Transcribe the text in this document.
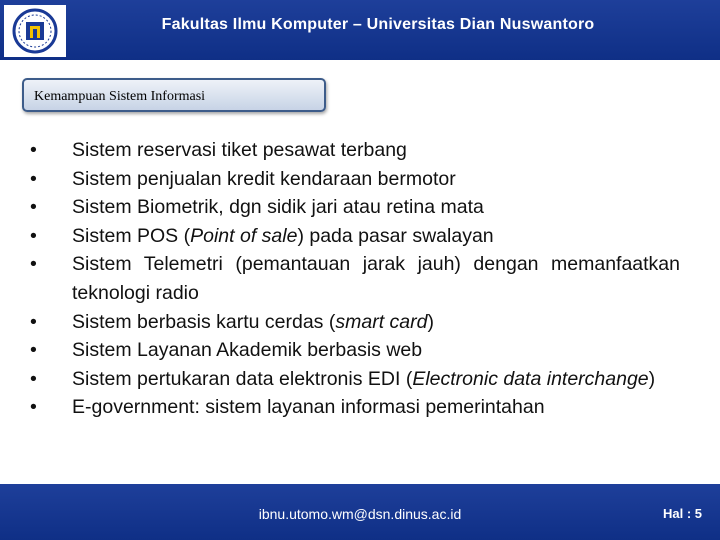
Fakultas Ilmu Komputer – Universitas Dian Nuswantoro
Kemampuan Sistem Informasi
• Sistem reservasi tiket pesawat terbang
• Sistem penjualan kredit kendaraan bermotor
• Sistem Biometrik, dgn sidik jari atau retina mata
• Sistem POS (Point of sale) pada pasar swalayan
• Sistem Telemetri (pemantauan jarak jauh) dengan memanfaatkan teknologi radio
• Sistem berbasis kartu cerdas (smart card)
• Sistem Layanan Akademik berbasis web
• Sistem pertukaran data elektronis EDI (Electronic data interchange)
• E-government: sistem layanan informasi pemerintahan
ibnu.utomo.wm@dsn.dinus.ac.id	Hal : 5
